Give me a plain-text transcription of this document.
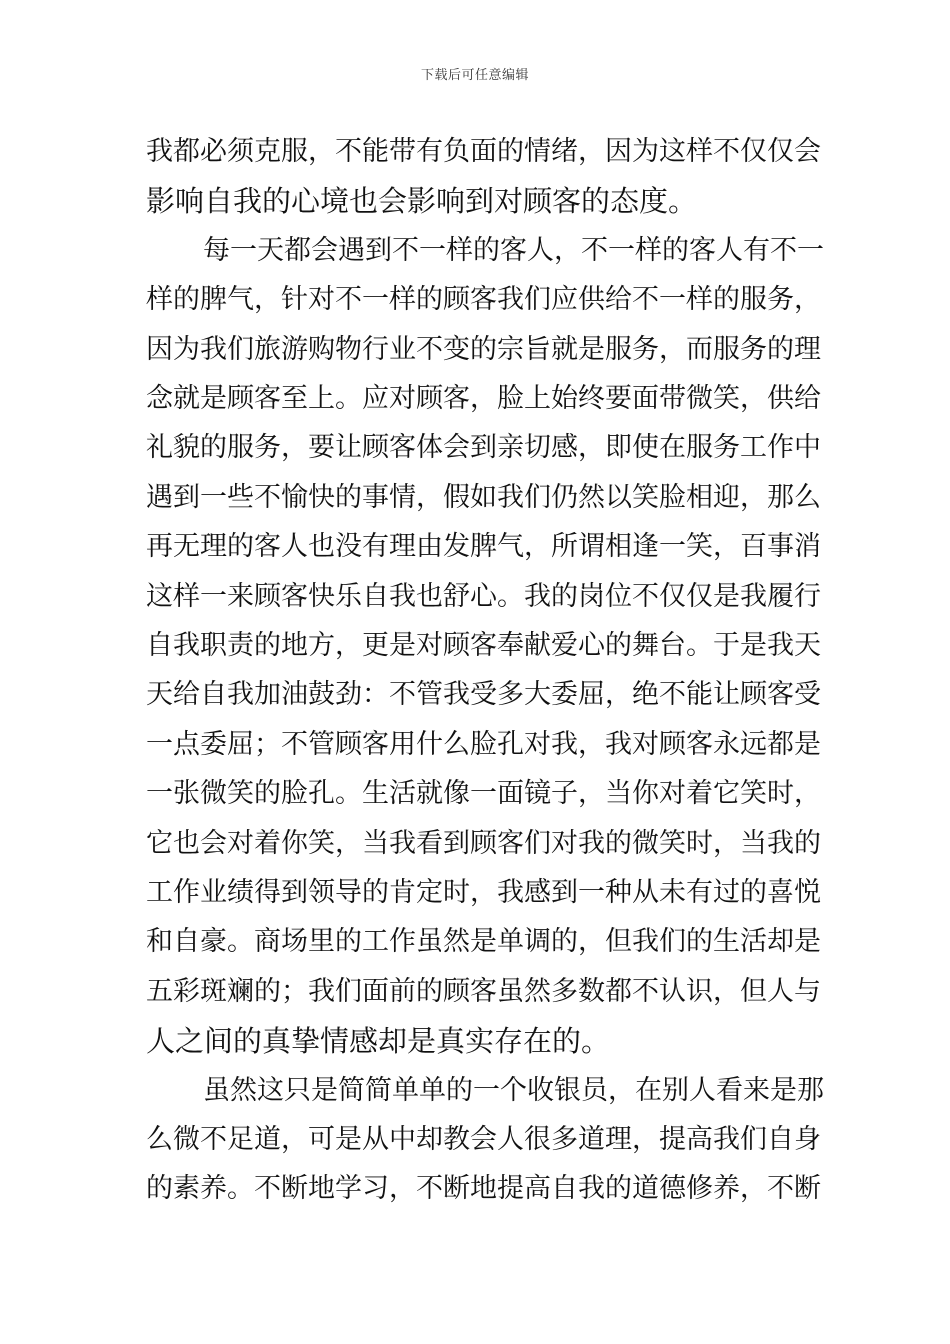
下载后可任意编辑
我都必须克服，不能带有负面的情绪，因为这样不仅仅会
影响自我的心境也会影响到对顾客的态度。
每一天都会遇到不一样的客人，不一样的客人有不一
样的脾气，针对不一样的顾客我们应供给不一样的服务，
因为我们旅游购物行业不变的宗旨就是服务，而服务的理
念就是顾客至上。应对顾客，脸上始终要面带微笑，供给
礼貌的服务，要让顾客体会到亲切感，即使在服务工作中
遇到一些不愉快的事情，假如我们仍然以笑脸相迎，那么
再无理的客人也没有理由发脾气，所谓相逢一笑，百事消
这样一来顾客快乐自我也舒心。我的岗位不仅仅是我履行
自我职责的地方，更是对顾客奉献爱心的舞台。于是我天
天给自我加油鼓劲：不管我受多大委屈，绝不能让顾客受
一点委屈；不管顾客用什么脸孔对我，我对顾客永远都是
一张微笑的脸孔。生活就像一面镜子，当你对着它笑时，
它也会对着你笑，当我看到顾客们对我的微笑时，当我的
工作业绩得到领导的肯定时，我感到一种从未有过的喜悦
和自豪。商场里的工作虽然是单调的，但我们的生活却是
五彩斑斓的；我们面前的顾客虽然多数都不认识，但人与
人之间的真挚情感却是真实存在的。
虽然这只是简简单单的一个收银员，在别人看来是那
么微不足道，可是从中却教会人很多道理，提高我们自身
的素养。不断地学习，不断地提高自我的道德修养，不断
